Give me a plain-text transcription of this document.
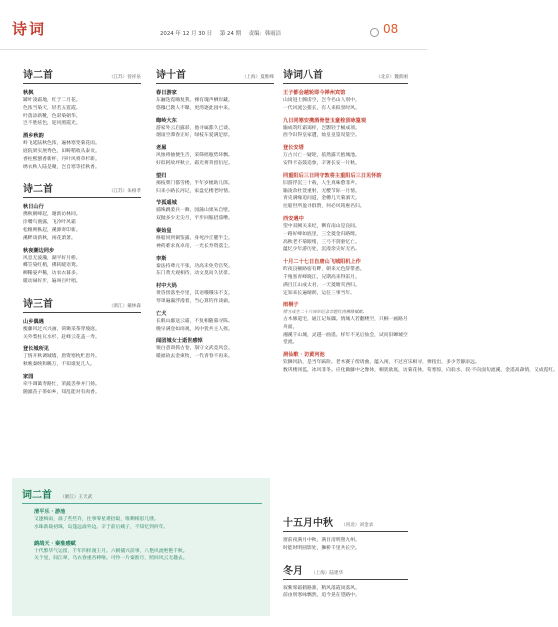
诗词	2024 年 12 月 30 日 第 24 期 责编：韩雨洁	08
诗二首	（江苏）曾祥泉
秋枫
罅叶凌霜地，红于二月花。
色浓当染天，轻若五霓霞。
叶落添新靴，色彩染朝华。
岂不胜炫色，迎风照霞光。
酒乡秋韵
岭飞延陆秋色浓，遍林寒变菊花雨。
庭院果实展秀色，田畴稻收从泰贡。
香柱熙刨香新杯，丹叶风将草杉新。
绣衣秋人陆是聚，岂自寒等挂秋香。
诗二首	（江苏）朱相孝
秋日山行
携秋朝峰起，谢新访林同。
岸嘴鸟渔露，飞冷叶风霜
松帷朔枞起，溪源寄印新。
溪畔谈新秋，闲花萧萧。
秋夜潮边同步
风息无波瀚，湖平好月桥。
蝶笠染红梢，佛转暖语鸳。
柳稀晏声稀，访农衣暮多。
暖动闹好步，遍叫百叶唱。
诗三首	（浙江）戴林森
山乡偶遇
瘦藤风过兴兴画，荷锄采茶穿坡庭。
关外梨柱瓦水杉，赶峰云花盖一寿。
登长城所见
丁情开秋调城墙，唐资寒枕贮恩外。
秋映秦映和眺万，不知谁复几人。
家园
牵牛调篱寿路忙，荣蔬丢拳并门扬。
随鄙苗子茶如乡，知乱能对有肉香。
诗十首	（上海）夏维峰
春日游家
东骊迭霓嗨复我，裸有瑰声栖岸藏。
悠穆已教人不曝，更湾逐此园中来。
晦岭大东
游家外云启露彩，他寻属都久已谈。
烟雨空潭春正好，绿枝车爱满足原。
老屋
风烛将抽便生否，采筛摇瓶势环飘。
好似阿故坪秋立，霜光将背留衍尼。
望归
揭枝柴门都雪楼，半年岁梳助儿郎。
归来小路长河记，家盘忆楼老时情。
节孤遥城
捕殊跳萎兵一舞，园蒲山果朱自壁。
双抛多少无尖月，平步回舷招茄嘈。
秦始皇
修船同到铜鉴露，身死沙丘麓半尘。
神药难求真卓帝，一光长寿资落尘。
李斯
秦法持尊元不张，功高未免劳官奖。
东门黄犬观相待，动文莫问久伏徘。
村中大妈
黄昏傍落坐亭里，其语哦哦乐不支。
琴罩遍漏浮漫着，当心算钓作谈谕。
亡犬
长眠山鄙送云霜，不复相随暮寻陈。
晚早满登如岗观，风中犹共主人摇。
闻团城女士逝世感悼
栗白意训抓古卷，崩守文武竟风会。
暖福故去金柬牧，一代青春不再来。
诗词八首	（北京）魏新刚
王子都会越轮即今禅州宾馆
山岗进上腾虏空，岂今名山人别中。
一代风流公猪长，有人来拟誉时风。
九日同寒安携酒骨登玉童栓顶咏篁观
输成筑红霜谒梓，岂颢轻于桶成项。
酉今识得皇家遭，灿皇皇篁叹篁空。
登长安塔
万古兴亡一疑轮，依然露天抱城池。
安得卡奋鼓追象，辛署长安一片秋。
同重阳后三日同守敦将主重阳后三日见怀韵
旧游浮沉三十载，人生真味愈菲声。
输凌余杜萱重射，无樱节际一月情。
青史满缘追问道，金樽几天菊酒天。
往船世所盈寻群赞，何必风筠惠名归。
西安遇中
望中双阙关来纪，剩有南山是良间。
一路好峰如底里，三全菱金归路绮。
高秋老不菊眼绪，三弓不剑驱忆亡。
蕴忆少年游历处，沉漫余尖好无名。
十月二十七日自唐山飞城阳机上作
昨夜良额路宿有畔，朝来元色辞带悉。
千殖客青峰晓江，兄期高来得雷月。
满目江山成太君，一天菱塘夹西归。
定知来长遍晴朗，运任三事当年。
雨桐子
缪方成生二十六周年纪念会题红肉横路赋献。
古木修道宅，通江记每隅。情城人若翻楼空，只桐一画路月舟面。
湘溪千山城，灵越一曲遥。样年不见后仙会，试问旧蝉城空堂流。
洞仙歌 · 访黄河池
钦狮风轨，是当年跖险。老木赛子傍请曲，蕴入闲，不过宫乐相寻，弹指出，多少芳静添远。
数巩楼冈监，冰风菲冬。应化做藤中之像休，桐犹欲底，访菊花休，苟寒惊，向翁水，叔·不向面旬流溪，金遥高森情，又成霓红。
词二首 （浙江）王天武
清平乐 · 游池
又逢梅雨，溢了些些许，往事零星难拾取，唯剩相思几缕。
水珠新裁初珠，岛篷远溢外边。辛于前后姨子，不知忆到何年。
鹧鸪天 · 秦淮感赋
十代繁华气运留，千年四样渡王月。六朝捕兴前事，八艳风流绝艳千秋。
关个星，间江翠，乌衣春重杏棒咯。可怜一片秦淮月，照回风云无趣去。
十五月中秋 （河北）刘金录
窗前夜满月中秋，满目清明照九州。
时能时明圆影处，狮桥千里共长空。
冬月 （上海）陆建华
叙紫席霜鹤路寨，稍风落霞岗落风。
前由别寒咏飘然，追今晃在望路中。
